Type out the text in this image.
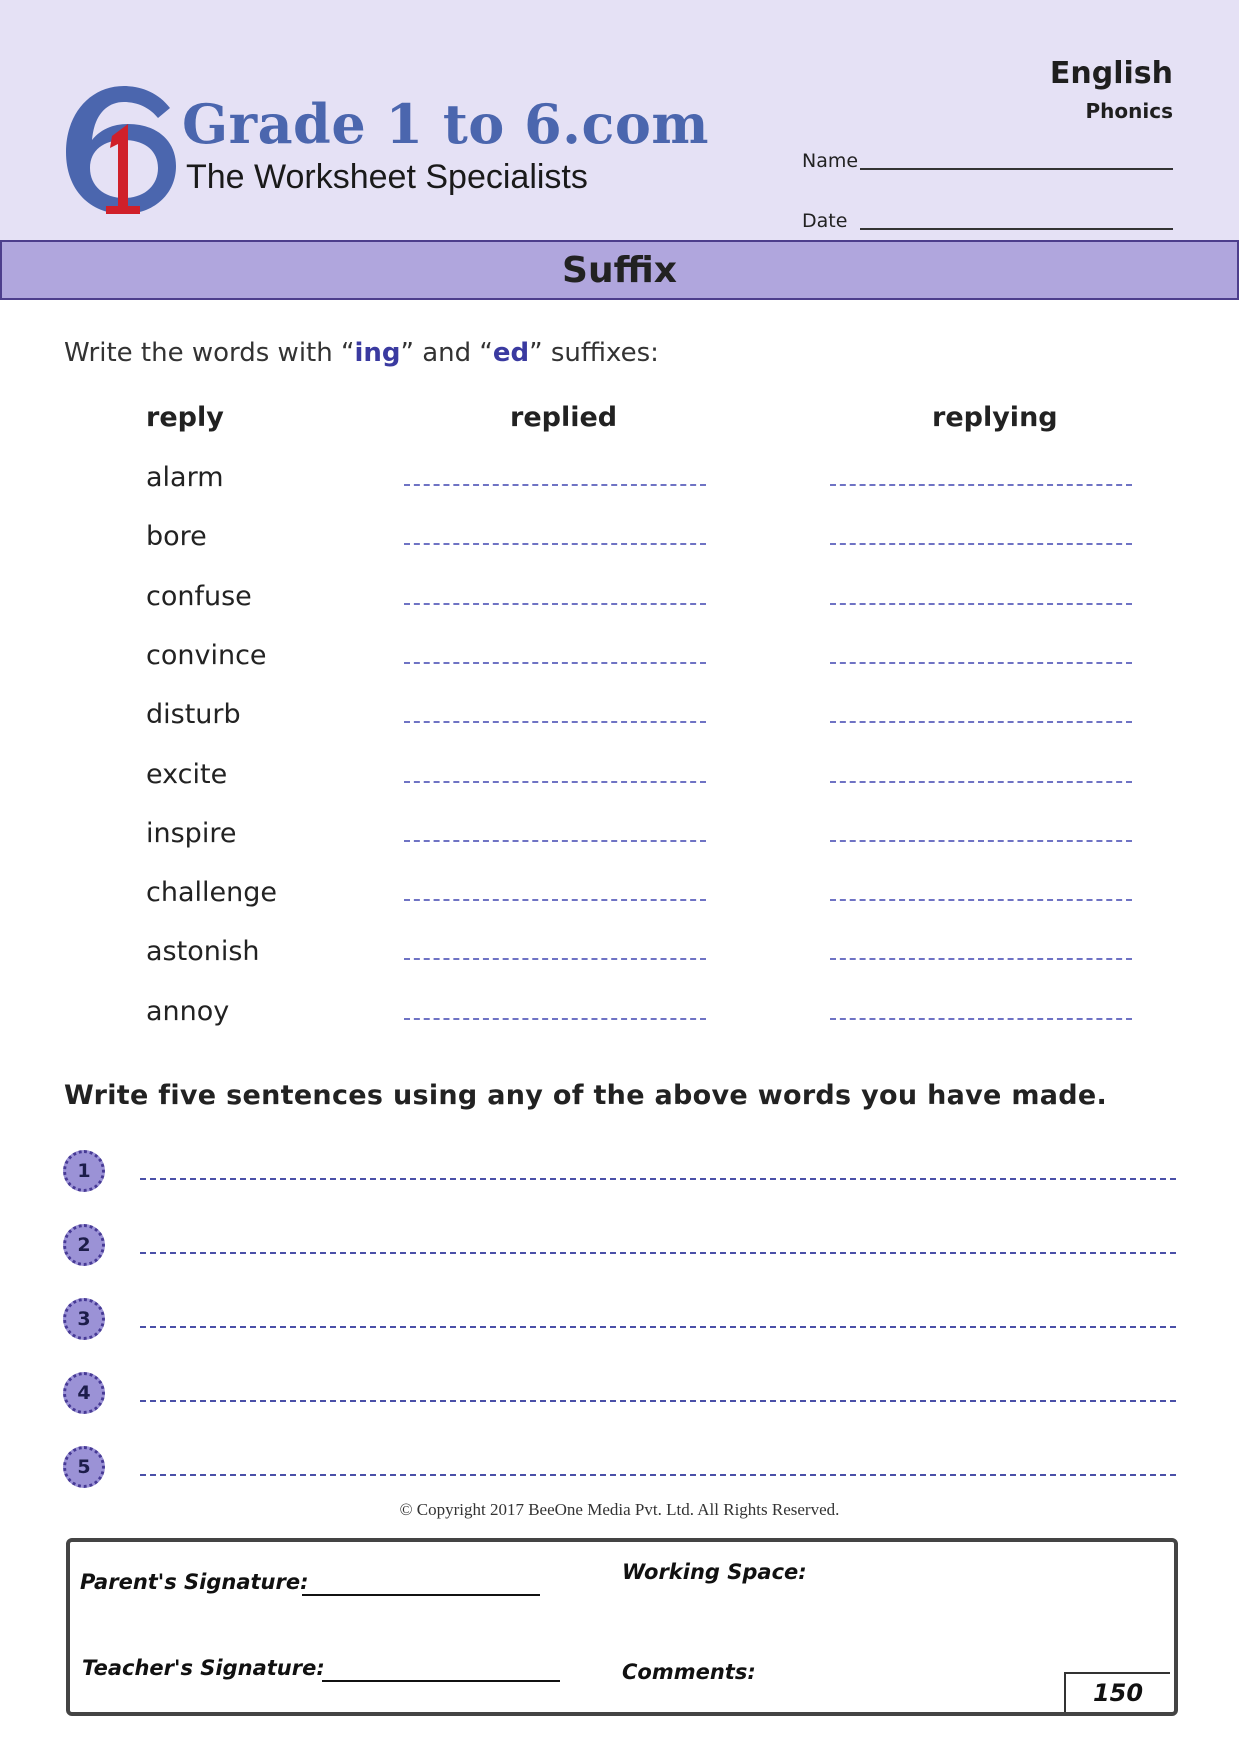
Grade 1 to 6.com
The Worksheet Specialists
English
Phonics
Name
Date
Suffix
Write the words with “ing” and “ed” suffixes:
reply	replied	replying
alarm
bore
confuse
convince
disturb
excite
inspire
challenge
astonish
annoy
Write five sentences using any of the above words you have made.
1
2
3
4
5
© Copyright 2017 BeeOne Media Pvt. Ltd. All Rights Reserved.
Parent's Signature:
Teacher's Signature:
Working Space:
Comments:
150
